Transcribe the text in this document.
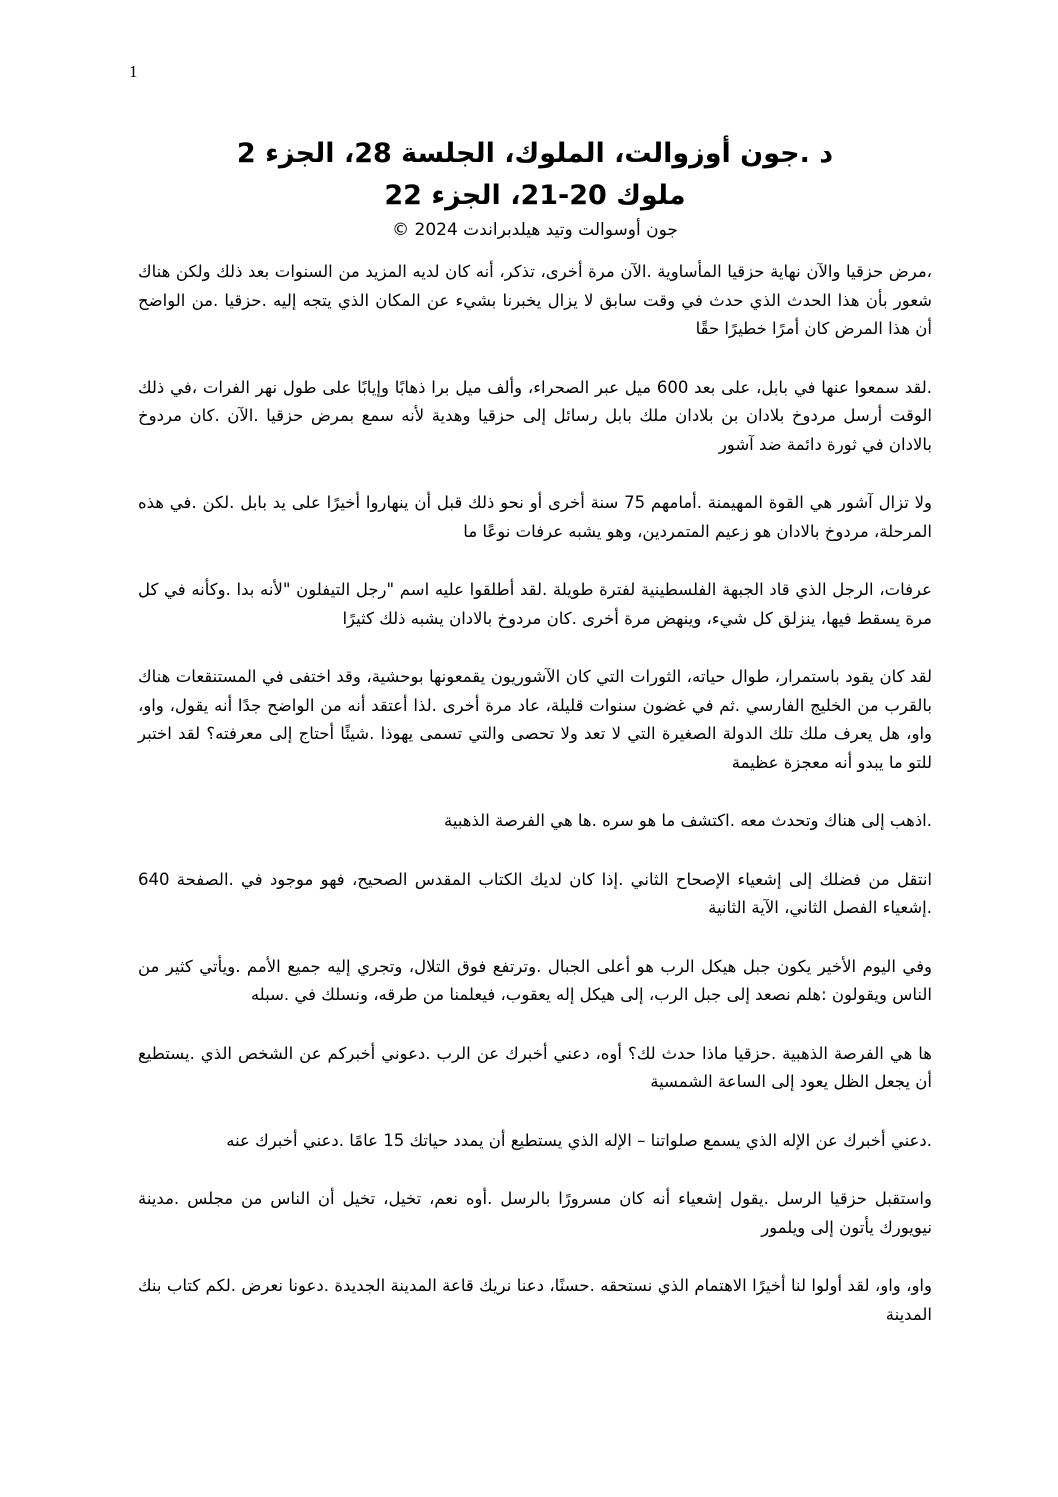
1
د .جون أوزوالت، الملوك، الجلسة 28، الجزء 2
ملوك 20-21، الجزء 22
جون أوسوالت وتيد هيلدبراندت 2024 ©

،مرض حزقيا والآن نهاية حزقيا المأساوية .الآن مرة أخرى، تذكر، أنه كان لديه المزيد من السنوات بعد ذلك ولكن هناك شعور بأن هذا الحدث الذي حدث في وقت سابق لا يزال يخبرنا بشيء عن المكان الذي يتجه إليه .حزقيا .من الواضح أن هذا المرض كان أمرًا خطيرًا حقًا

.لقد سمعوا عنها في بابل، على بعد 600 ميل عبر الصحراء، وألف ميل برا ذهابًا وإيابًا على طول نهر الفرات ،في ذلك الوقت أرسل مردوخ بلادان بن بلادان ملك بابل رسائل إلى حزقيا وهدية لأنه سمع بمرض حزقيا .الآن .كان مردوخ بالادان في ثورة دائمة ضد آشور

ولا تزال آشور هي القوة المهيمنة .أمامهم 75 سنة أخرى أو نحو ذلك قبل أن ينهاروا أخيرًا على يد بابل .لكن .في هذه المرحلة، مردوخ بالادان هو زعيم المتمردين، وهو يشبه عرفات نوعًا ما

عرفات، الرجل الذي قاد الجبهة الفلسطينية لفترة طويلة .لقد أطلقوا عليه اسم "رجل التيفلون "لأنه بدا .وكأنه في كل مرة يسقط فيها، ينزلق كل شيء، وينهض مرة أخرى .كان مردوخ بالادان يشبه ذلك كثيرًا

لقد كان يقود باستمرار، طوال حياته، الثورات التي كان الآشوريون يقمعونها بوحشية، وقد اختفى في المستنقعات هناك بالقرب من الخليج الفارسي .ثم في غضون سنوات قليلة، عاد مرة أخرى .لذا أعتقد أنه من الواضح جدًا أنه يقول، واو، واو، هل يعرف ملك تلك الدولة الصغيرة التي لا تعد ولا تحصى والتي تسمى يهوذا .شيئًا أحتاج إلى معرفته؟ لقد اختبر للتو ما يبدو أنه معجزة عظيمة

.اذهب إلى هناك وتحدث معه .اكتشف ما هو سره .ها هي الفرصة الذهبية

انتقل من فضلك إلى إشعياء الإصحاح الثاني .إذا كان لديك الكتاب المقدس الصحيح، فهو موجود في .الصفحة 640 .إشعياء الفصل الثاني، الآية الثانية

وفي اليوم الأخير يكون جبل هيكل الرب هو أعلى الجبال .وترتفع فوق التلال، وتجري إليه جميع الأمم .ويأتي كثير من الناس ويقولون :هلم نصعد إلى جبل الرب، إلى هيكل إله يعقوب، فيعلمنا من طرقه، ونسلك في .سبله

ها هي الفرصة الذهبية .حزقيا ماذا حدث لك؟ أوه، دعني أخبرك عن الرب .دعوني أخبركم عن الشخص الذي .يستطيع أن يجعل الظل يعود إلى الساعة الشمسية

.دعني أخبرك عن الإله الذي يسمع صلواتنا – الإله الذي يستطيع أن يمدد حياتك 15 عامًا .دعني أخبرك عنه

واستقبل حزقيا الرسل .يقول إشعياء أنه كان مسرورًا بالرسل .أوه نعم، تخيل، تخيل أن الناس من مجلس .مدينة نيويورك يأتون إلى ويلمور

واو، واو، لقد أولوا لنا أخيرًا الاهتمام الذي نستحقه .حسنًا، دعنا نريك قاعة المدينة الجديدة .دعونا نعرض .لكم كتاب بنك المدينة
